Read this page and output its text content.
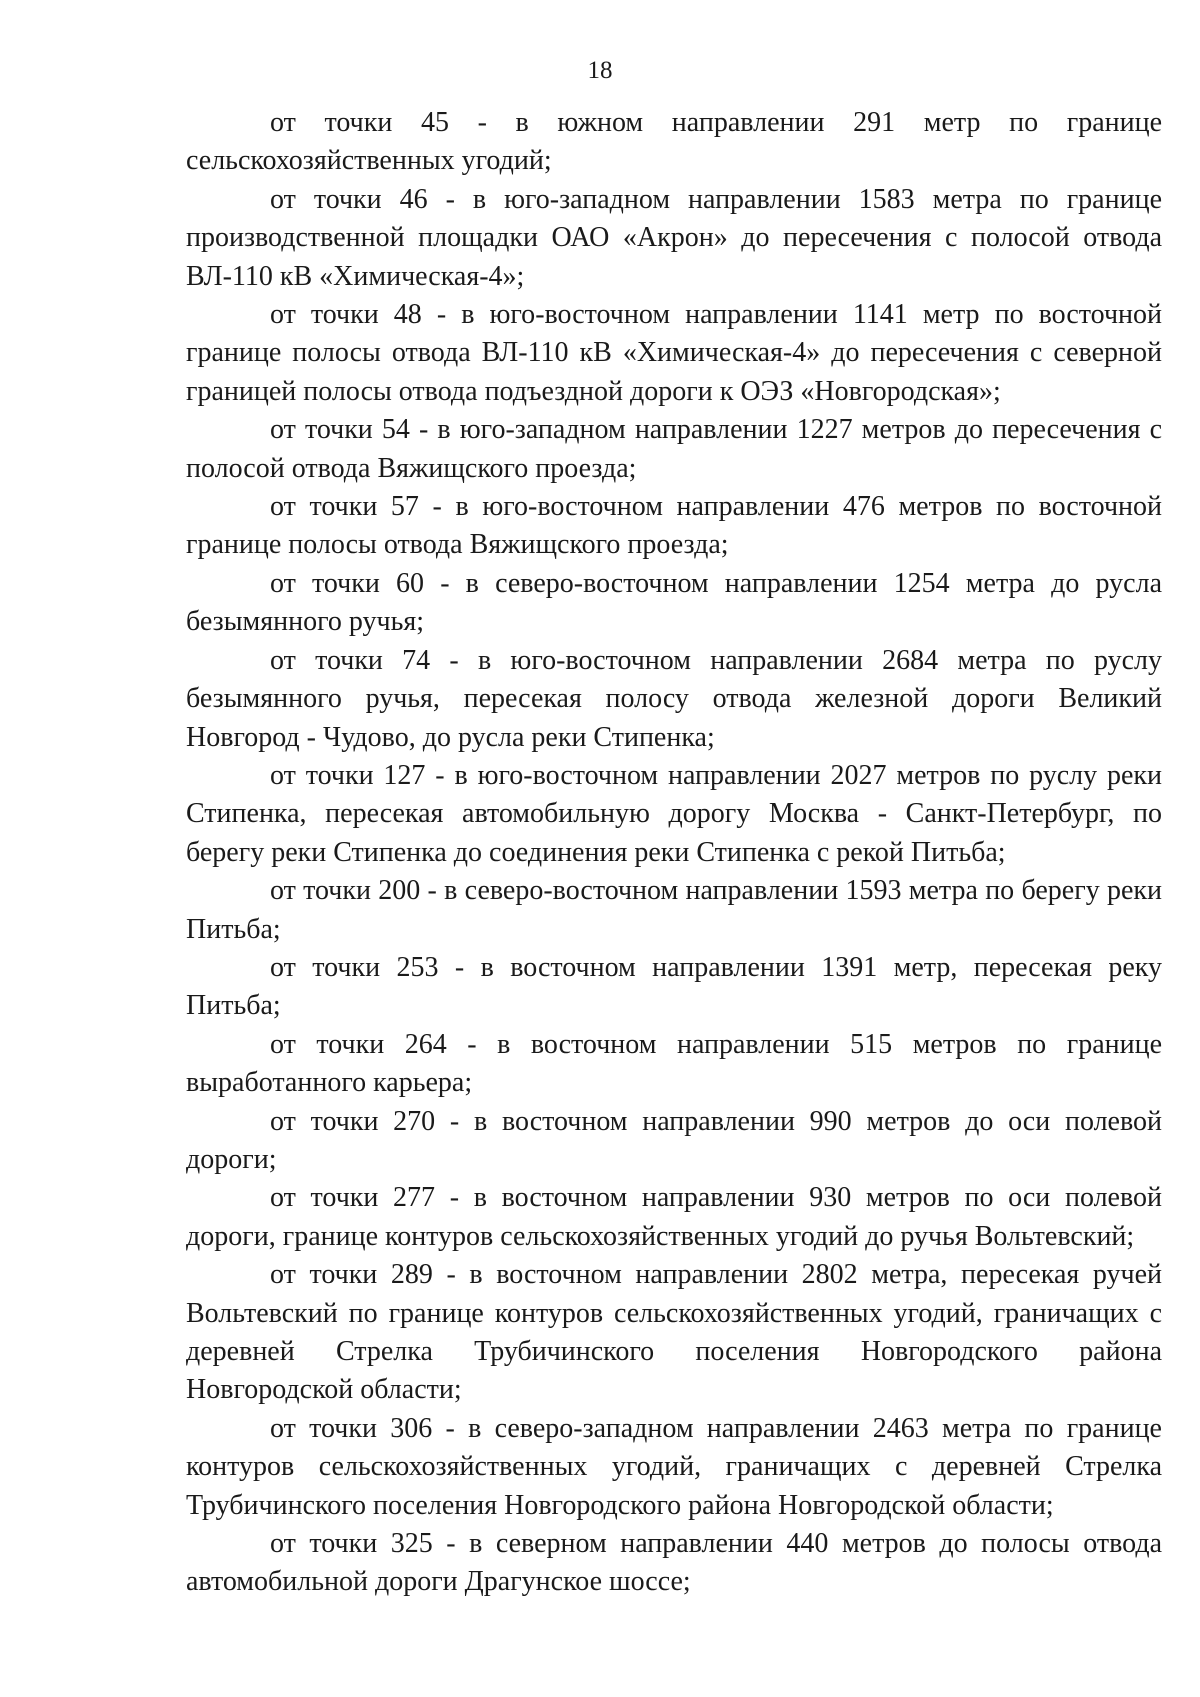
18

от точки 45 - в южном направлении 291 метр по границе сельскохозяйственных угодий;

от точки 46 - в юго-западном направлении 1583 метра по границе производственной площадки ОАО «Акрон» до пересечения с полосой отвода ВЛ-110 кВ «Химическая-4»;

от точки 48 - в юго-восточном направлении 1141 метр по восточной границе полосы отвода ВЛ-110 кВ «Химическая-4» до пересечения с северной границей полосы отвода подъездной дороги к ОЭЗ «Новгородская»;

от точки 54 - в юго-западном направлении 1227 метров до пересечения с полосой отвода Вяжищского проезда;

от точки 57 - в юго-восточном направлении 476 метров по восточной границе полосы отвода Вяжищского проезда;

от точки 60 - в северо-восточном направлении 1254 метра до русла безымянного ручья;

от точки 74 - в юго-восточном направлении 2684 метра по руслу безымянного ручья, пересекая полосу отвода железной дороги Великий Новгород - Чудово, до русла реки Стипенка;

от точки 127 - в юго-восточном направлении 2027 метров по руслу реки Стипенка, пересекая автомобильную дорогу Москва - Санкт-Петербург, по берегу реки Стипенка до соединения реки Стипенка с рекой Питьба;

от точки 200 - в северо-восточном направлении 1593 метра по берегу реки Питьба;

от точки 253 - в восточном направлении 1391 метр, пересекая реку Питьба;

от точки 264 - в восточном направлении 515 метров по границе выработанного карьера;

от точки 270 - в восточном направлении 990 метров до оси полевой дороги;

от точки 277 - в восточном направлении 930 метров по оси полевой дороги, границе контуров сельскохозяйственных угодий до ручья Вольтевский;

от точки 289 - в восточном направлении 2802 метра, пересекая ручей Вольтевский по границе контуров сельскохозяйственных угодий, граничащих с деревней Стрелка Трубичинского поселения Новгородского района Новгородской области;

от точки 306 - в северо-западном направлении 2463 метра по границе контуров сельскохозяйственных угодий, граничащих с деревней Стрелка Трубичинского поселения Новгородского района Новгородской области;

от точки 325 - в северном направлении 440 метров до полосы отвода автомобильной дороги Драгунское шоссе;
